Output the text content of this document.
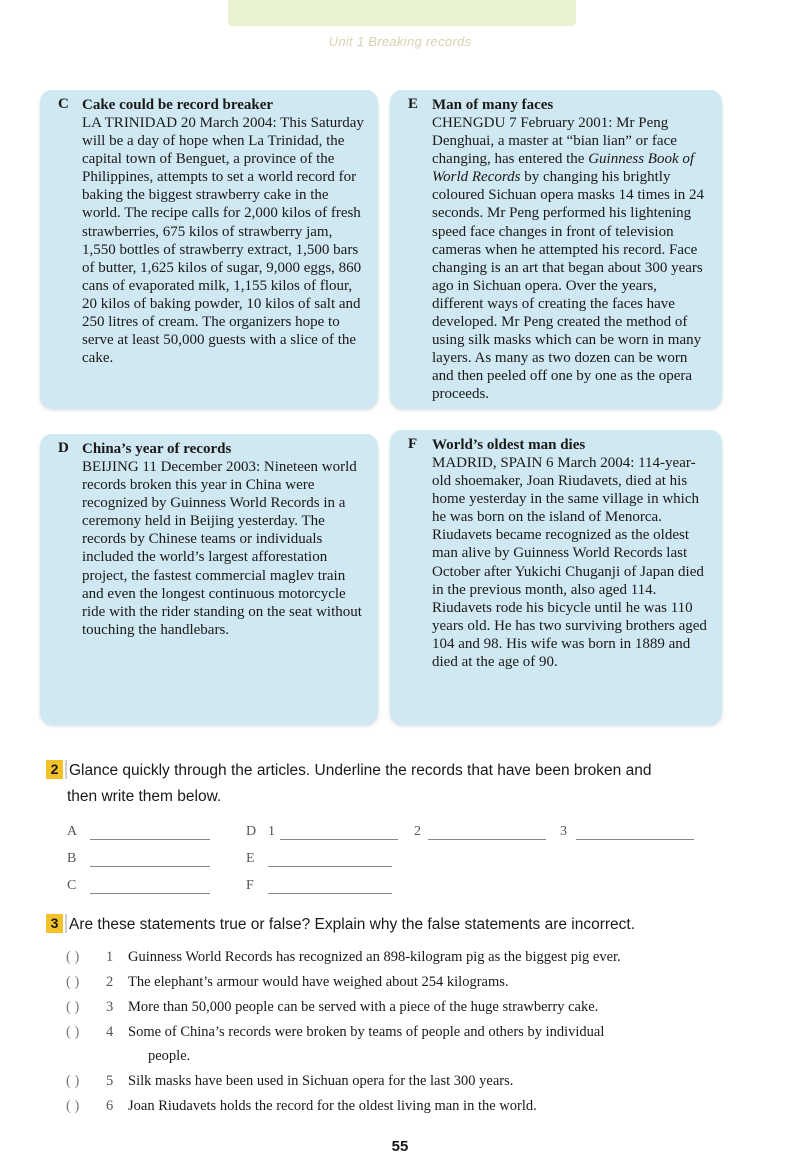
Unit 1 Breaking records
C Cake could be record breaker

LA TRINIDAD 20 March 2004: This Saturday will be a day of hope when La Trinidad, the capital town of Benguet, a province of the Philippines, attempts to set a world record for baking the biggest strawberry cake in the world. The recipe calls for 2,000 kilos of fresh strawberries, 675 kilos of strawberry jam, 1,550 bottles of strawberry extract, 1,500 bars of butter, 1,625 kilos of sugar, 9,000 eggs, 860 cans of evaporated milk, 1,155 kilos of flour, 20 kilos of baking powder, 10 kilos of salt and 250 litres of cream. The organizers hope to serve at least 50,000 guests with a slice of the cake.

E Man of many faces

CHENGDU 7 February 2001: Mr Peng Denghuai, a master at “bian lian” or face changing, has entered the Guinness Book of World Records by changing his brightly coloured Sichuan opera masks 14 times in 24 seconds. Mr Peng performed his lightening speed face changes in front of television cameras when he attempted his record. Face changing is an art that began about 300 years ago in Sichuan opera. Over the years, different ways of creating the faces have developed. Mr Peng created the method of using silk masks which can be worn in many layers. As many as two dozen can be worn and then peeled off one by one as the opera proceeds.

D China’s year of records

BEIJING 11 December 2003: Nineteen world records broken this year in China were recognized by Guinness World Records in a ceremony held in Beijing yesterday. The records by Chinese teams or individuals included the world’s largest afforestation project, the fastest commercial maglev train and even the longest continuous motorcycle ride with the rider standing on the seat without touching the handlebars.

F World’s oldest man dies

MADRID, SPAIN 6 March 2004: 114-year-old shoemaker, Joan Riudavets, died at his home yesterday in the same village in which he was born on the island of Menorca. Riudavets became recognized as the oldest man alive by Guinness World Records last October after Yukichi Chuganji of Japan died in the previous month, also aged 114. Riudavets rode his bicycle until he was 110 years old. He has two surviving brothers aged 104 and 98. His wife was born in 1889 and died at the age of 90.

2 Glance quickly through the articles. Underline the records that have been broken and
then write them below.
A	D 1	2	3
B	E
C	F
3 Are these statements true or false? Explain why the false statements are incorrect.
( ) 1 Guinness World Records has recognized an 898-kilogram pig as the biggest pig ever.
( ) 2 The elephant’s armour would have weighed about 254 kilograms.
( ) 3 More than 50,000 people can be served with a piece of the huge strawberry cake.
( ) 4 Some of China’s records were broken by teams of people and others by individual
people.
( ) 5 Silk masks have been used in Sichuan opera for the last 300 years.
( ) 6 Joan Riudavets holds the record for the oldest living man in the world.
55
